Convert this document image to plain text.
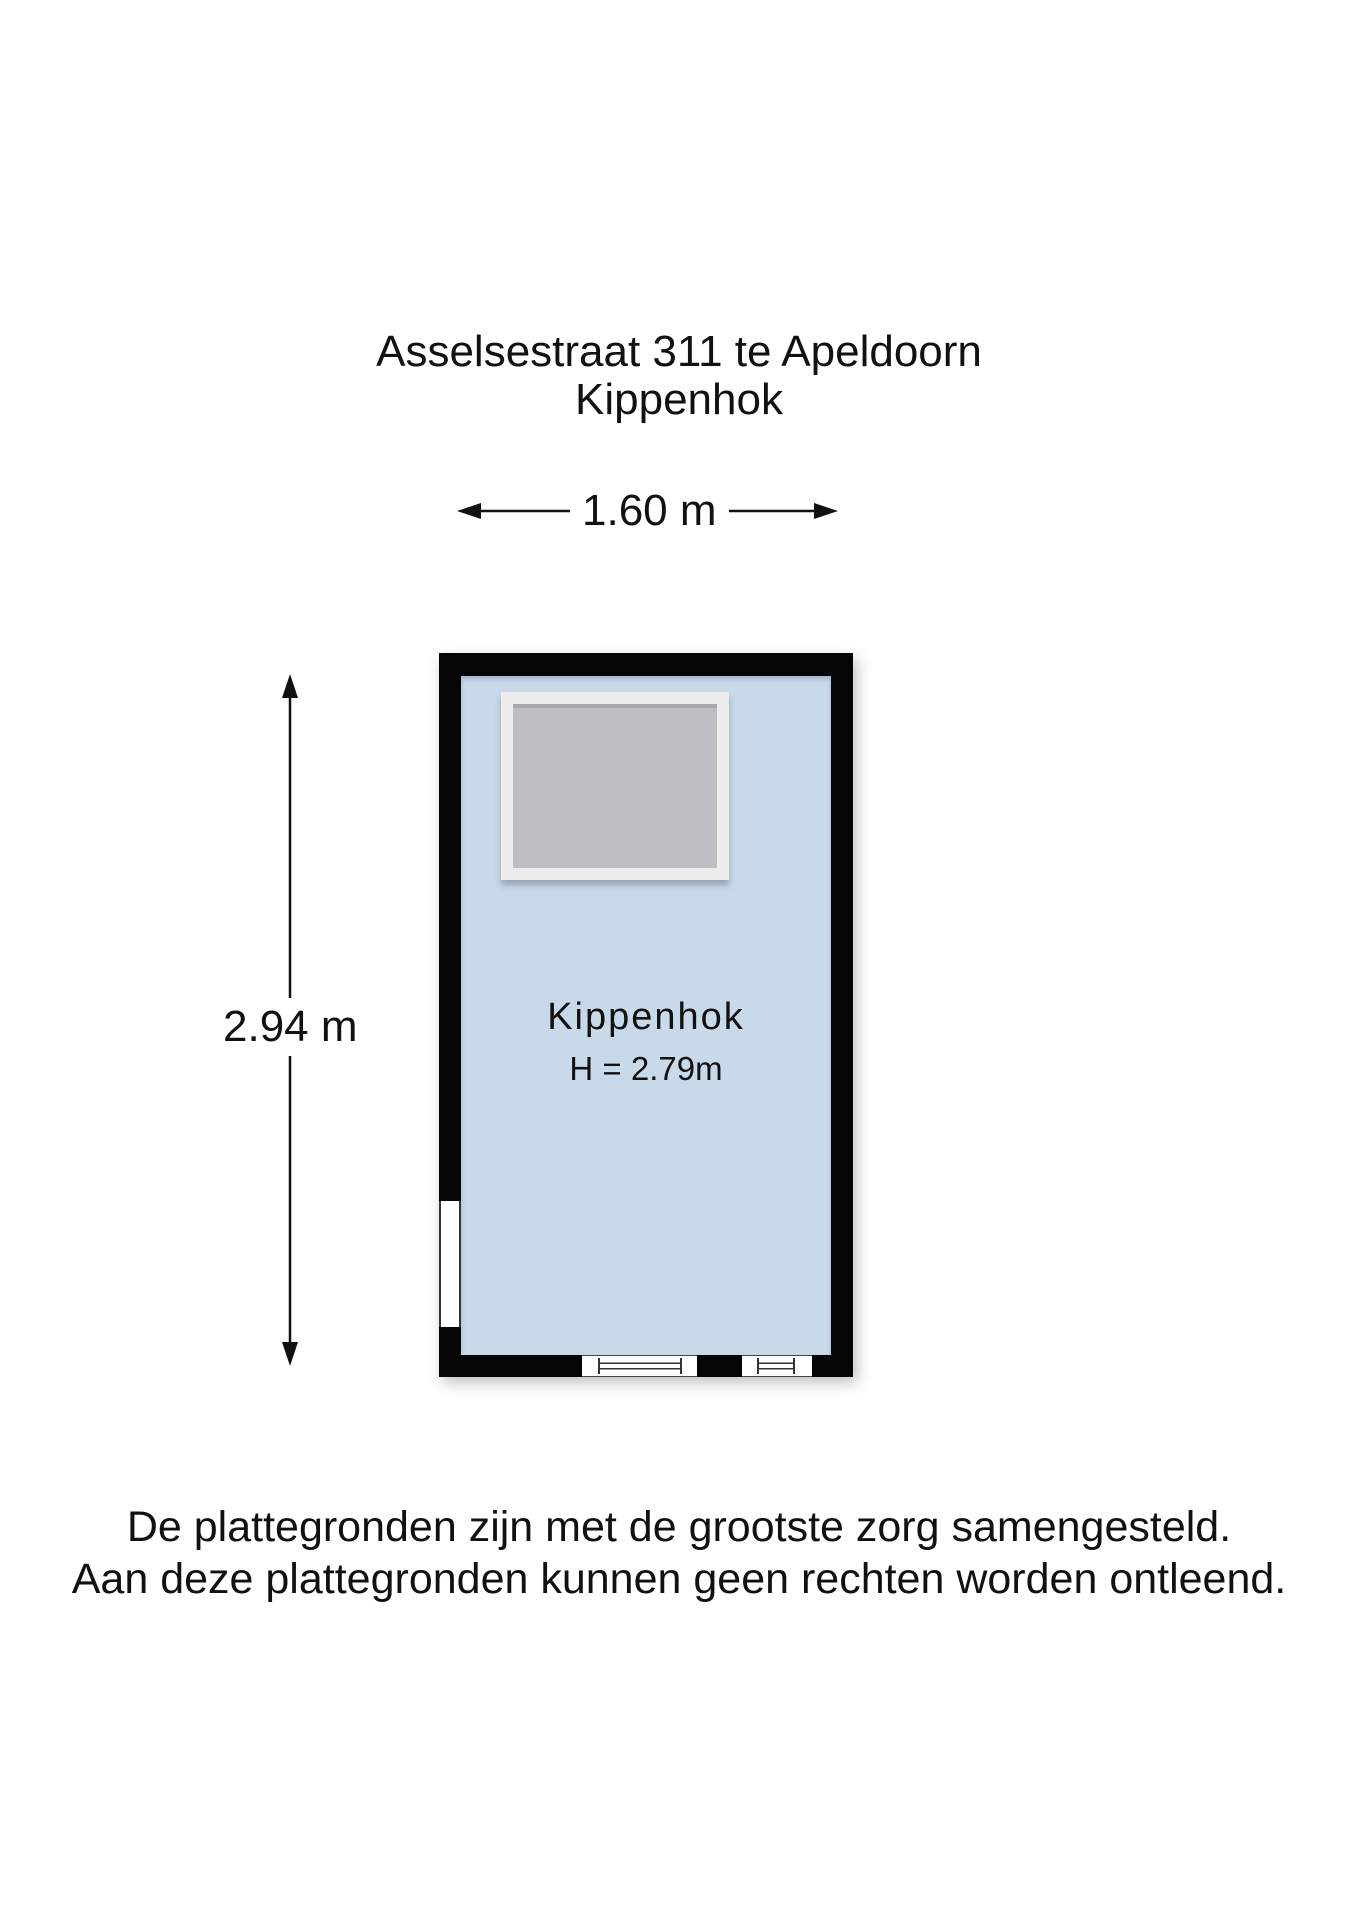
Asselsestraat 311 te Apeldoorn
Kippenhok
1.60 m
2.94 m	Kippenhok
H = 2.79m
De plattegronden zijn met de grootste zorg samengesteld.
Aan deze plattegronden kunnen geen rechten worden ontleend.
